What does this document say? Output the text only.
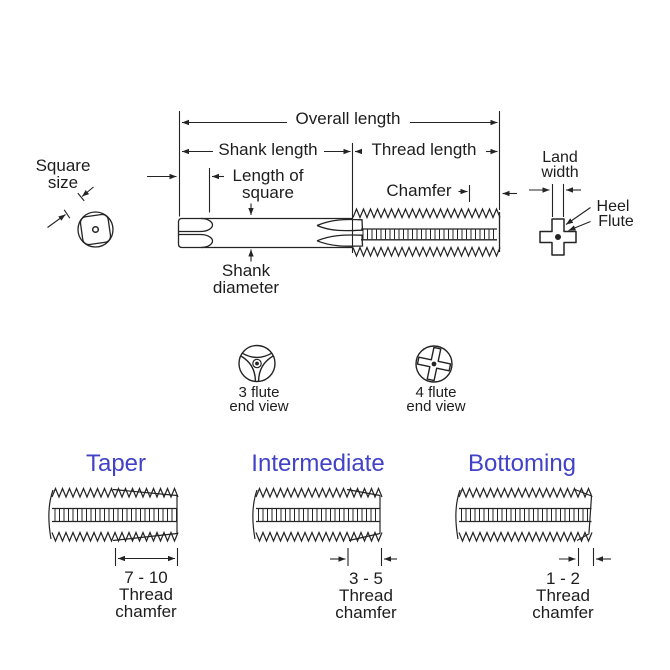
Overall length
Shank length	Thread length
Length of
square	Chamfer
Square
size
Shank
diameter
Land
width
Heel
Flute
3 flute
end view
4 flute
end view
Taper	Intermediate	Bottoming
7 - 10
Thread
chamfer
3 - 5
Thread
chamfer
1 - 2
Thread
chamfer
